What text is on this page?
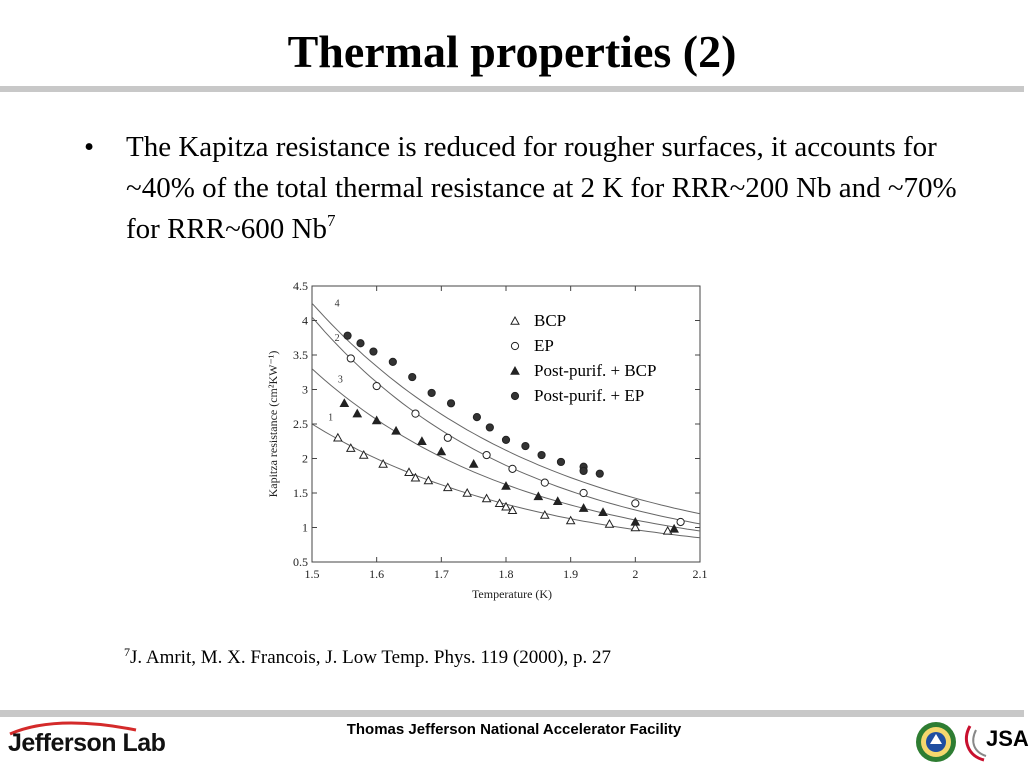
Thermal properties (2)
•	The Kapitza resistance is reduced for rougher surfaces, it accounts for ~40% of the total thermal resistance at 2 K for RRR~200 Nb and ~70% for RRR~600 Nb$^7$
1.5	1.6	1.7	1.8	1.9	2	2.1
0.5
1
1.5
2
2.5
3
3.5
4
4.5
4
2
3
1
Temperature (K)
Kapitza resistance (cm²KW⁻¹)
BCP
EP
Post-purif. + BCP
Post-purif. + EP
$^7$J. Amrit, M. X. Francois, J. Low Temp. Phys. 119 (2000), p. 27
Jefferson Lab	Thomas Jefferson National Accelerator Facility	JSA
